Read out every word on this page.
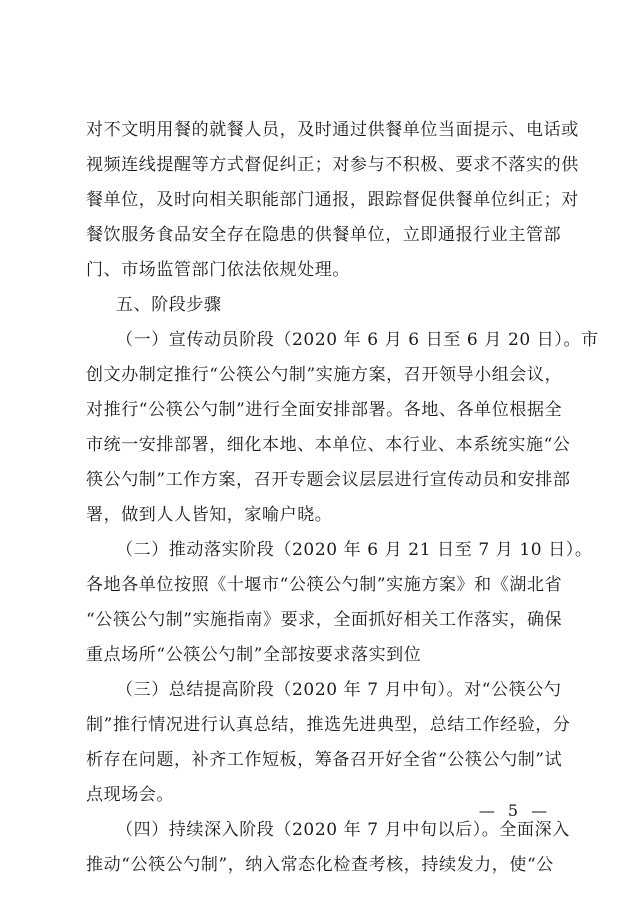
对不文明用餐的就餐人员，及时通过供餐单位当面提示、电话或
视频连线提醒等方式督促纠正；对参与不积极、要求不落实的供
餐单位，及时向相关职能部门通报，跟踪督促供餐单位纠正；对
餐饮服务食品安全存在隐患的供餐单位，立即通报行业主管部
门、市场监管部门依法依规处理。
五、阶段步骤
（一）宣传动员阶段（2020 年 6 月 6 日至 6 月 20 日）。市
创文办制定推行“公筷公勺制”实施方案，召开领导小组会议，
对推行“公筷公勺制”进行全面安排部署。各地、各单位根据全
市统一安排部署，细化本地、本单位、本行业、本系统实施“公
筷公勺制”工作方案，召开专题会议层层进行宣传动员和安排部
署，做到人人皆知，家喻户晓。
（二）推动落实阶段（2020 年 6 月 21 日至 7 月 10 日）。
各地各单位按照《十堰市“公筷公勺制”实施方案》和《湖北省
“公筷公勺制”实施指南》要求，全面抓好相关工作落实，确保
重点场所“公筷公勺制”全部按要求落实到位
（三）总结提高阶段（2020 年 7 月中旬）。对“公筷公勺
制”推行情况进行认真总结，推选先进典型，总结工作经验，分
析存在问题，补齐工作短板，筹备召开好全省“公筷公勺制”试
点现场会。
（四）持续深入阶段（2020 年 7 月中旬以后）。全面深入
推动“公筷公勺制”，纳入常态化检查考核，持续发力，使“公
— 5 —
